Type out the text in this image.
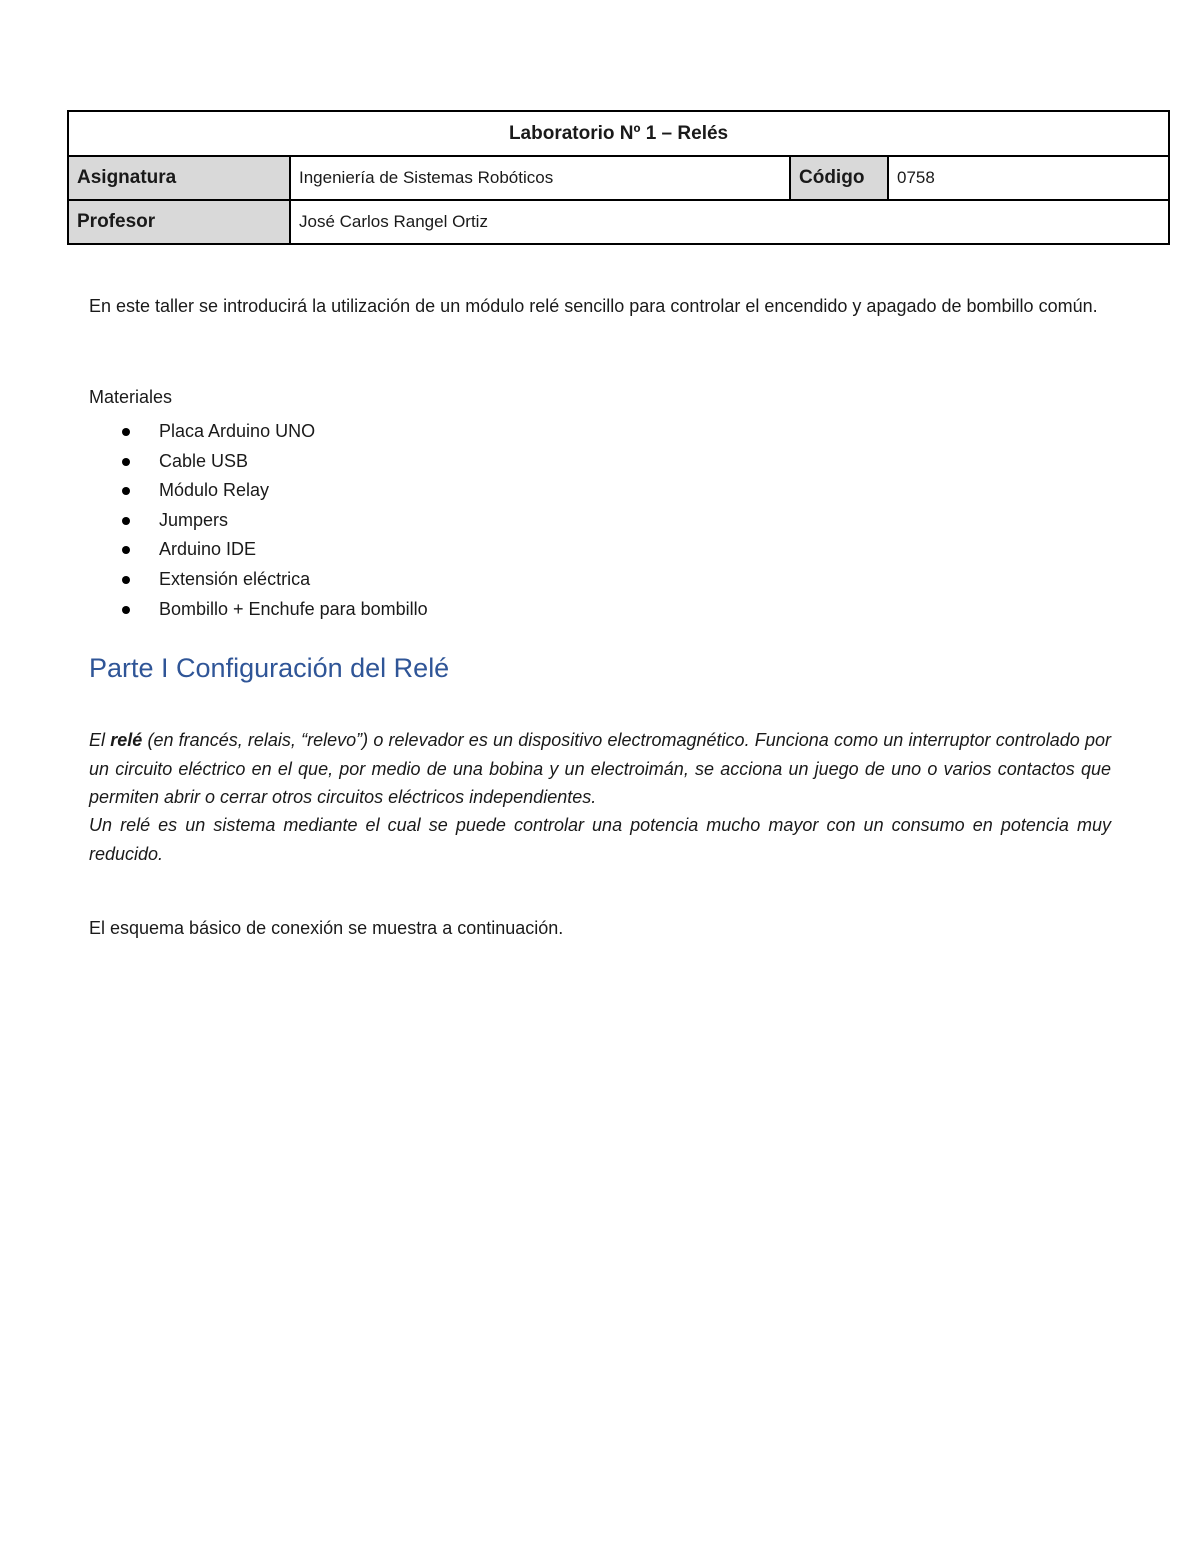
Laboratorio Nº 1 – Relés			
Asignatura	Ingeniería de Sistemas Robóticos	Código	0758
Profesor	José Carlos Rangel Ortiz		

En este taller se introducirá la utilización de un módulo relé sencillo para controlar el encendido y apagado de bombillo común.

Materiales

Placa Arduino UNO
Cable USB
Módulo Relay
Jumpers
Arduino IDE
Extensión eléctrica
Bombillo + Enchufe para bombillo
Parte I Configuración del Relé

El relé (en francés, relais, “relevo”) o relevador es un dispositivo electromagnético. Funciona como un interruptor controlado por un circuito eléctrico en el que, por medio de una bobina y un electroimán, se acciona un juego de uno o varios contactos que permiten abrir o cerrar otros circuitos eléctricos independientes.
Un relé es un sistema mediante el cual se puede controlar una potencia mucho mayor con un consumo en potencia muy reducido.

El esquema básico de conexión se muestra a continuación.
